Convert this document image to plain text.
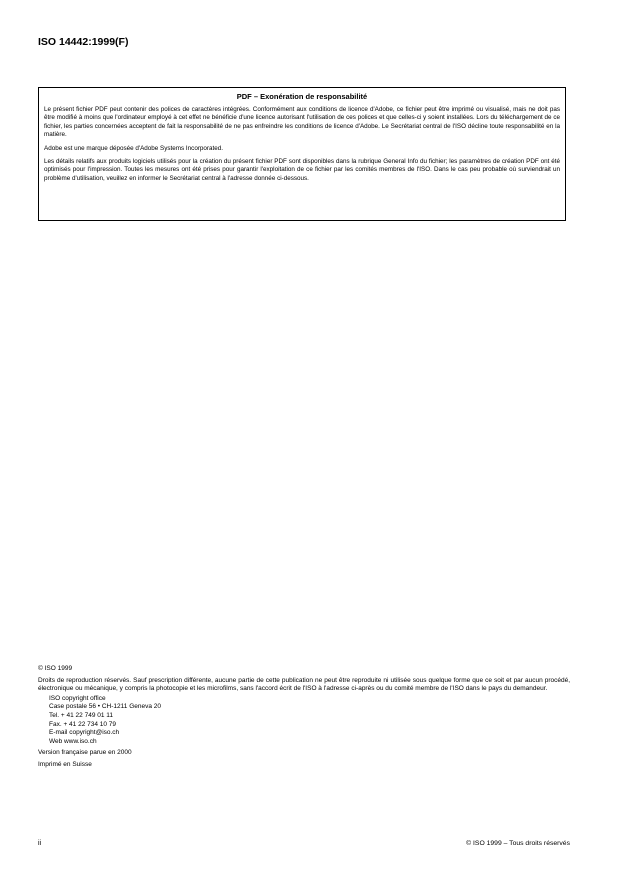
ISO 14442:1999(F)
PDF – Exonération de responsabilité

Le présent fichier PDF peut contenir des polices de caractères intégrées. Conformément aux conditions de licence d'Adobe, ce fichier peut être imprimé ou visualisé, mais ne doit pas être modifié à moins que l'ordinateur employé à cet effet ne bénéficie d'une licence autorisant l'utilisation de ces polices et que celles-ci y soient installées. Lors du téléchargement de ce fichier, les parties concernées acceptent de fait la responsabilité de ne pas enfreindre les conditions de licence d'Adobe. Le Secrétariat central de l'ISO décline toute responsabilité en la matière.

Adobe est une marque déposée d'Adobe Systems Incorporated.

Les détails relatifs aux produits logiciels utilisés pour la création du présent fichier PDF sont disponibles dans la rubrique General Info du fichier; les paramètres de création PDF ont été optimisés pour l'impression. Toutes les mesures ont été prises pour garantir l'exploitation de ce fichier par les comités membres de l'ISO. Dans le cas peu probable où surviendrait un problème d'utilisation, veuillez en informer le Secrétariat central à l'adresse donnée ci-dessous.

© ISO 1999
Droits de reproduction réservés. Sauf prescription différente, aucune partie de cette publication ne peut être reproduite ni utilisée sous quelque forme que ce soit et par aucun procédé, électronique ou mécanique, y compris la photocopie et les microfilms, sans l'accord écrit de l'ISO à l'adresse ci-après ou du comité membre de l'ISO dans le pays du demandeur.
ISO copyright office
Case postale 56 • CH-1211 Geneva 20
Tel. + 41 22 749 01 11
Fax. + 41 22 734 10 79
E-mail copyright@iso.ch
Web www.iso.ch
Version française parue en 2000
Imprimé en Suisse
ii	© ISO 1999 – Tous droits réservés
